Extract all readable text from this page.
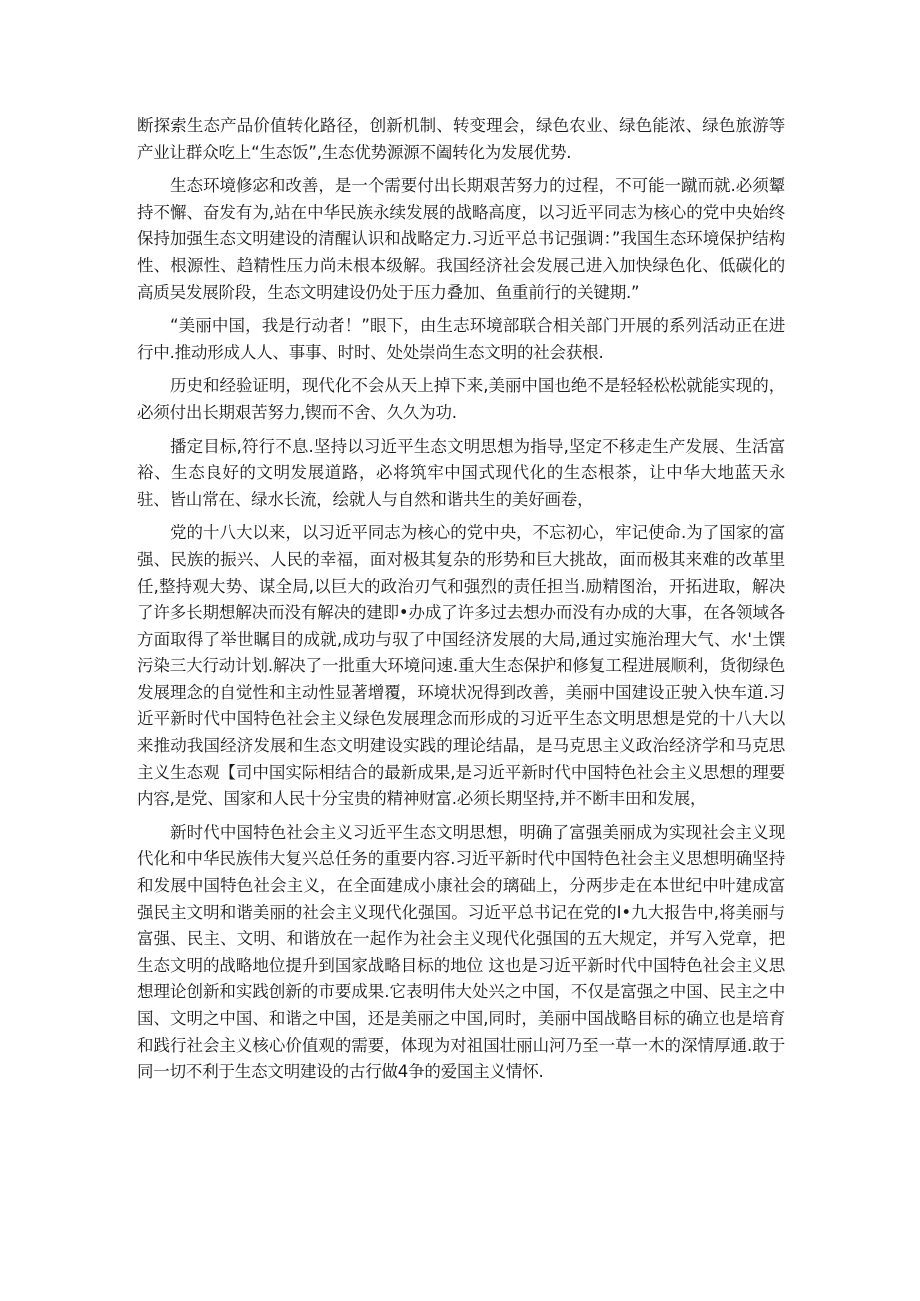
断探索生态产品价值转化路径，创新机制、转变理会，绿色农业、绿色能浓、绿色旅游等产业让群众吃上“生态饭”,生态优势源源不阖转化为发展优势.

生态环境修宓和改善，是一个需要付出长期艰苦努力的过程，不可能一蹴而就.必须颦持不懈、奋发有为,站在中华民族永续发展的战略高度，以习近平同志为核心的党中央始终保持加强生态文明建设的清醒认识和战略定力.习近平总书记强调：”我国生态环境保护结构性、根源性、趋精性压力尚未根本级解。我国经济社会发展己进入加快绿色化、低碳化的高质吴发展阶段，生态文明建设仍处于压力叠加、鱼重前行的关键期.”

“美丽中国，我是行动者！”眼下，由生志环境部联合相关部门开展的系列活动正在进行中.推动形成人人、事事、时时、处处崇尚生态文明的社会获根.

历史和经验证明，现代化不会从天上掉下来,美丽中国也绝不是轻轻松松就能实现的，必须付出长期艰苦努力,锲而不舍、久久为功.

播定目标,符行不息.坚持以习近平生态文明思想为指导,坚定不移走生产发展、生活富裕、生态良好的文明发展道路，必将筑牢中国式现代化的生态根茶，让中华大地蓝天永驻、皆山常在、绿水长流，绘就人与自然和谐共生的美好画卷，

党的十八大以来，以习近平同志为核心的党中央，不忘初心，牢记使命.为了国家的富强、民族的振兴、人民的幸福，面对极其复杂的形势和巨大挑故，面而极其来难的改革里任,整持观大势、谋全局,以巨大的政治刃气和强烈的责任担当.励精图治，开拓进取，解决了许多长期想解决而没有解决的建即•办成了许多过去想办而没有办成的大事，在各领域各方面取得了举世瞩目的成就,成功与驭了中国经济发展的大局,通过实施治理大气、水'土馔污染三大行动计划.解决了一批重大环境问速.重大生态保护和修复工程进展顺利，货彻绿色发展理念的自觉性和主动性显著增覆，环境状况得到改善，美丽中国建设正驶入快车道.习近平新时代中国特色社会主义绿色发展理念而形成的习近平生态文明思想是党的十八大以来推动我国经济发展和生态文明建设实践的理论结晶，是马克思主义政治经济学和马克思主义生态观【司中国实际相结合的最新成果,是习近平新时代中国特色社会主义思想的理要内容,是党、国家和人民十分宝贵的精神财富.必须长期坚持,并不断丰田和发展，

新时代中国特色社会主义习近平生态文明思想，明确了富强美丽成为实现社会主义现代化和中华民族伟大复兴总任务的重要内容.习近平新时代中国特色社会主义思想明确坚持和发展中国特色社会主义，在全面建成小康社会的璃础上，分两步走在本世纪中叶建成富强民主文明和谐美丽的社会主义现代化强国。习近平总书记在党的I•九大报告中,将美丽与富强、民主、文明、和谐放在一起作为社会主义现代化强国的五大规定，并写入党章，把生态文明的战略地位提升到国家战略目标的地位 这也是习近平新时代中国特色社会主义思想理论创新和实践创新的市要成果.它表明伟大处兴之中国，不仅是富强之中国、民主之中国、文明之中国、和谐之中国，还是美丽之中国,同时，美丽中国战略目标的确立也是培育和践行社会主义核心价值观的需要，体现为对祖国壮丽山河乃至一草一木的深情厚通.敢于同一切不利于生态文明建设的古行做4争的爱国主义情怀.
